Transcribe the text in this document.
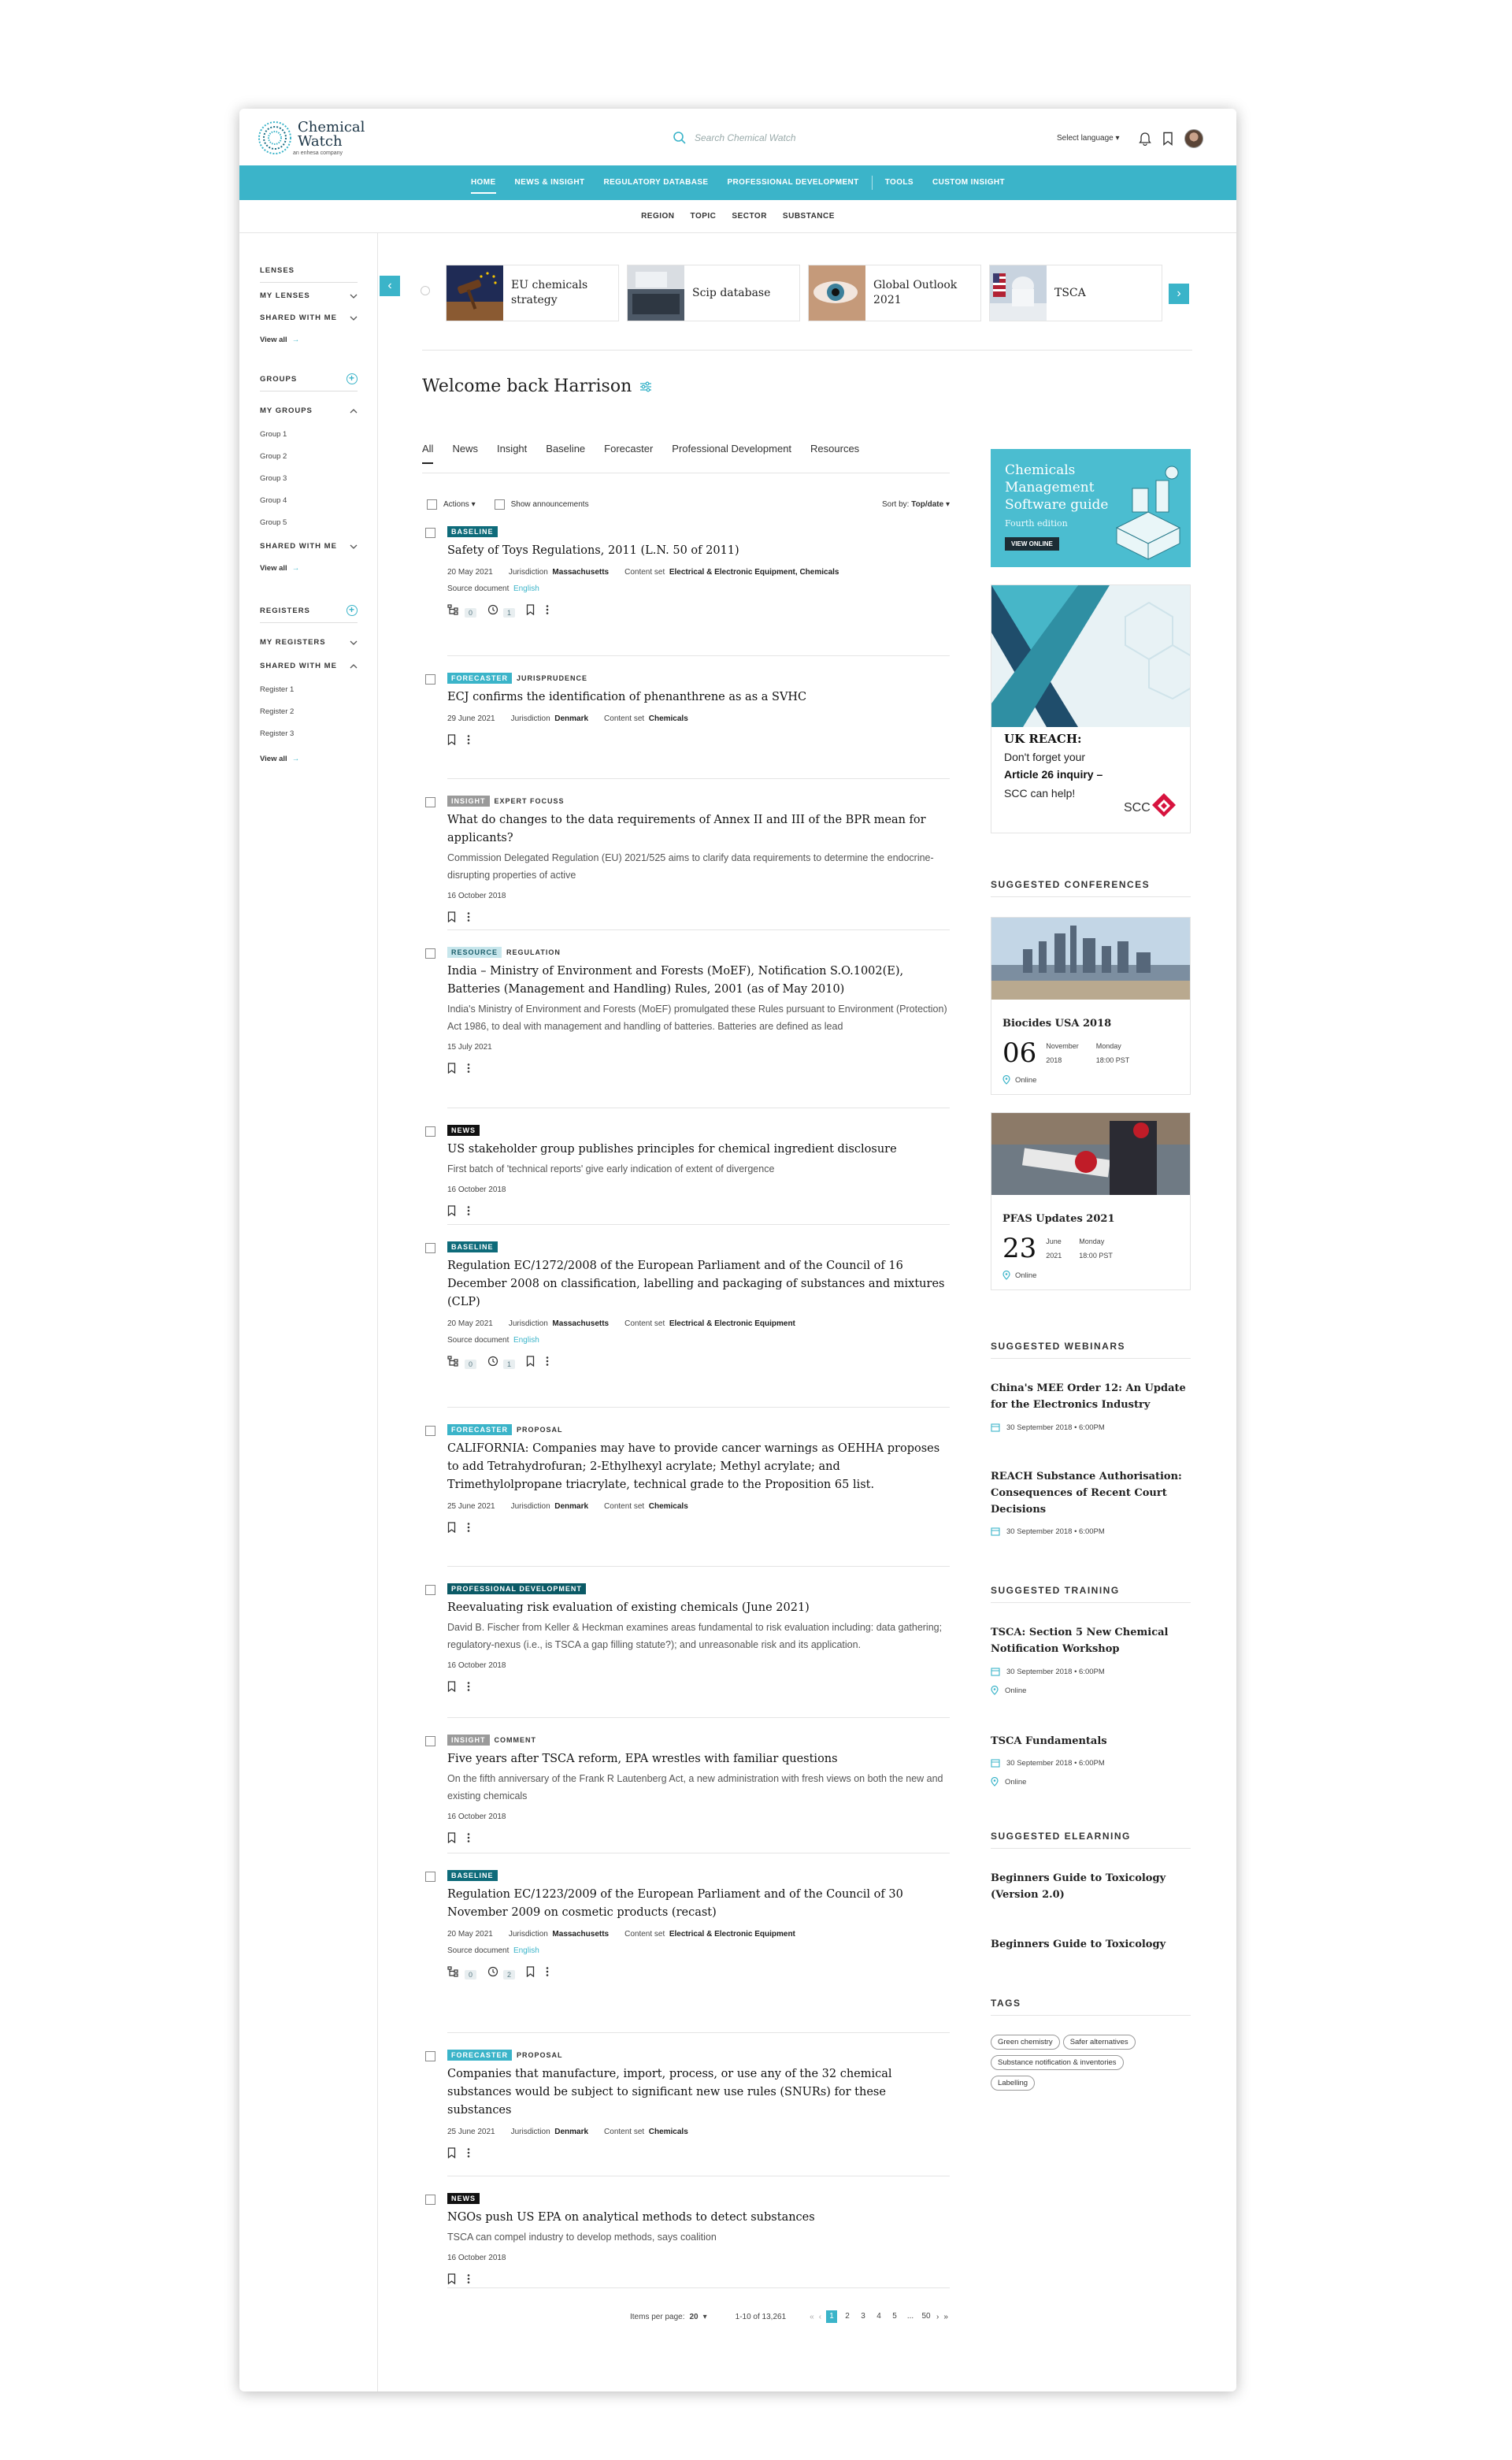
Chemical
Watch
an enhesa company
Search Chemical Watch	Select language ▾
HOME	NEWS & INSIGHT	REGULATORY DATABASE	PROFESSIONAL DEVELOPMENT	TOOLS	CUSTOM INSIGHT
REGION TOPIC SECTOR SUBSTANCE
LENSES
MY LENSES
SHARED WITH ME
View all →
GROUPS	+
MY GROUPS
Group 1
Group 2
Group 3
Group 4
Group 5
SHARED WITH ME
View all →
REGISTERS	+
MY REGISTERS
SHARED WITH ME
Register 1
Register 2
Register 3
View all →
‹	EU chemicals strategy
Scip database
Global Outlook 2021
TSCA	›
Welcome back Harrison
All News Insight Baseline Forecaster Professional Development Resources
Actions ▾	Show announcements	Sort by: Top/date ▾
Items per page: 20 ▾	1-10 of 13,261	« ‹	1	2	3	4	5	... 50 › »
Chemicals Management Software guide
Fourth edition
VIEW ONLINE
UK REACH:
Don't forget your
Article 26 inquiry –
SCC can help!
SCC
SUGGESTED CONFERENCES
Biocides USA 2018
06 November
2018
Monday
18:00 PST
Online
PFAS Updates 2021
23 June
2021
Monday
18:00 PST
Online
SUGGESTED WEBINARS
China's MEE Order 12: An Update for the Electronics Industry
30 September 2018 • 6:00PM
REACH Substance Authorisation: Consequences of Recent Court Decisions
30 September 2018 • 6:00PM
SUGGESTED TRAINING
TSCA: Section 5 New Chemical Notification Workshop
30 September 2018 • 6:00PM
Online
TSCA Fundamentals
30 September 2018 • 6:00PM
Online
SUGGESTED ELEARNING
Beginners Guide to Toxicology (Version 2.0)
Beginners Guide to Toxicology
TAGS
Green chemistry Safer alternativesSubstance notification & inventoriesLabelling
BASELINE
Safety of Toys Regulations, 2011 (L.N. 50 of 2011)
20 May 2021 Jurisdiction Massachusetts Content set Electrical & Electronic Equipment, Chemicals
Source document English
0	1
FORECASTER	JURISPRUDENCE
ECJ confirms the identification of phenanthrene as as a SVHC
29 June 2021 Jurisdiction Denmark Content set Chemicals
INSIGHT	EXPERT FOCUSS
What do changes to the data requirements of Annex II and III of the BPR mean for applicants?
Commission Delegated Regulation (EU) 2021/525 aims to clarify data requirements to determine the endocrine-disrupting properties of active
16 October 2018
RESOURCE	REGULATION
India – Ministry of Environment and Forests (MoEF), Notification S.O.1002(E), Batteries (Management and Handling) Rules, 2001 (as of May 2010)
India's Ministry of Environment and Forests (MoEF) promulgated these Rules pursuant to Environment (Protection) Act 1986, to deal with management and handling of batteries. Batteries are defined as lead
15 July 2021
NEWS
US stakeholder group publishes principles for chemical ingredient disclosure
First batch of 'technical reports' give early indication of extent of divergence
16 October 2018
BASELINE
Regulation EC/1272/2008 of the European Parliament and of the Council of 16 December 2008 on classification, labelling and packaging of substances and mixtures (CLP)
20 May 2021 Jurisdiction Massachusetts Content set Electrical & Electronic Equipment
Source document English
0	1
FORECASTER	PROPOSAL
CALIFORNIA: Companies may have to provide cancer warnings as OEHHA proposes to add Tetrahydrofuran; 2-Ethylhexyl acrylate; Methyl acrylate; and Trimethylolpropane triacrylate, technical grade to the Proposition 65 list.
25 June 2021 Jurisdiction Denmark Content set Chemicals
PROFESSIONAL DEVELOPMENT
Reevaluating risk evaluation of existing chemicals (June 2021)
David B. Fischer from Keller & Heckman examines areas fundamental to risk evaluation including: data gathering; regulatory-nexus (i.e., is TSCA a gap filling statute?); and unreasonable risk and its application.
16 October 2018
INSIGHT	COMMENT
Five years after TSCA reform, EPA wrestles with familiar questions
On the fifth anniversary of the Frank R Lautenberg Act, a new administration with fresh views on both the new and existing chemicals
16 October 2018
BASELINE
Regulation EC/1223/2009 of the European Parliament and of the Council of 30 November 2009 on cosmetic products (recast)
20 May 2021 Jurisdiction Massachusetts Content set Electrical & Electronic Equipment
Source document English
0	2
FORECASTER	PROPOSAL
Companies that manufacture, import, process, or use any of the 32 chemical substances would be subject to significant new use rules (SNURs) for these substances
25 June 2021 Jurisdiction Denmark Content set Chemicals
NEWS
NGOs push US EPA on analytical methods to detect substances
TSCA can compel industry to develop methods, says coalition
16 October 2018
